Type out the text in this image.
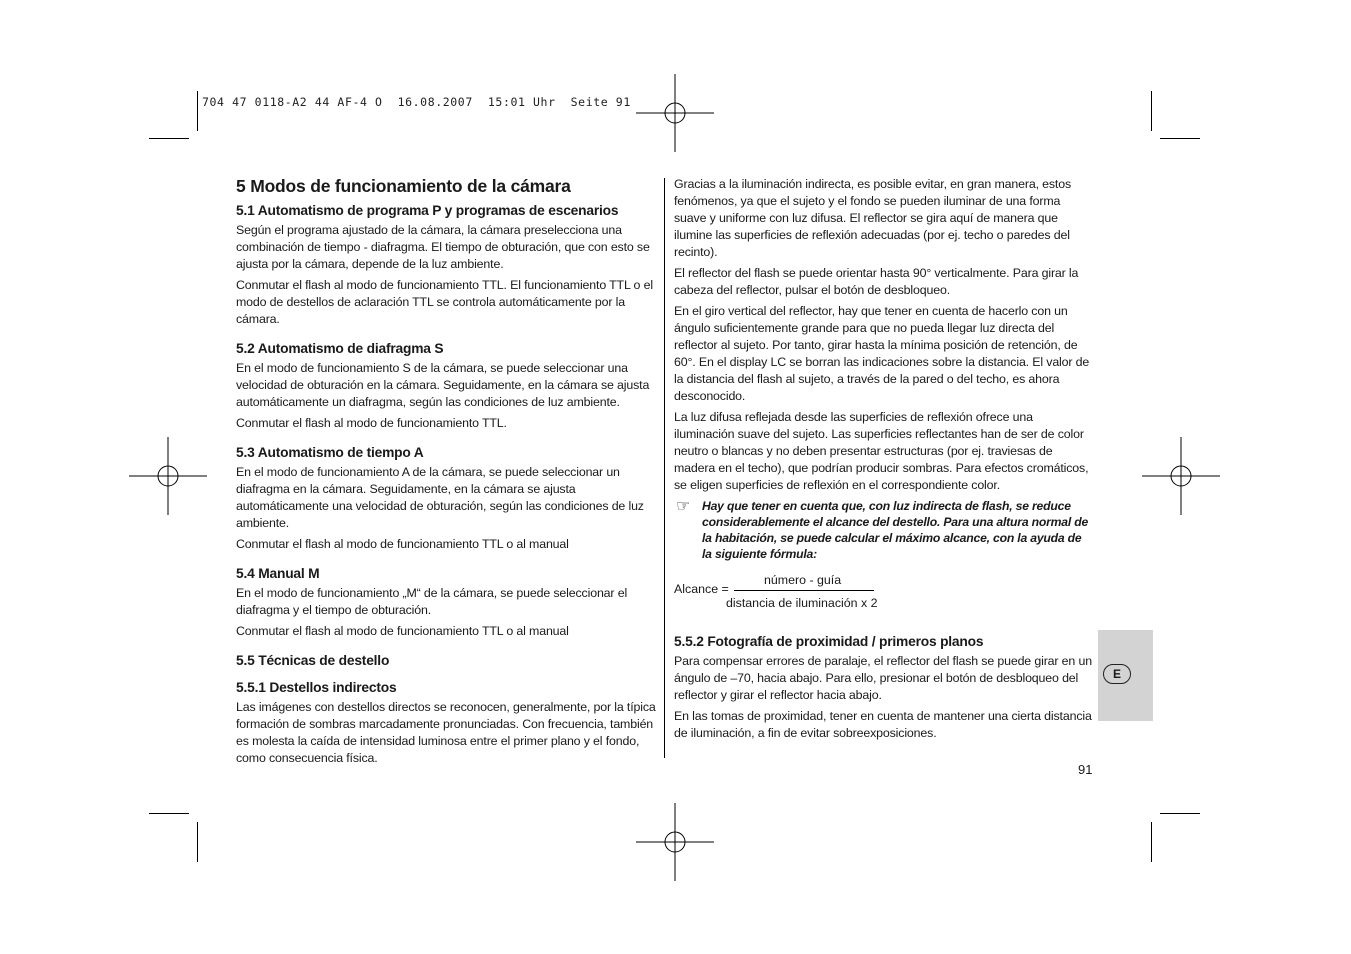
704 47 0118-A2 44 AF-4 O  16.08.2007  15:01 Uhr  Seite 91
5 Modos de funcionamiento de la cámara
5.1 Automatismo de programa P y programas de escenarios
Según el programa ajustado de la cámara, la cámara preselecciona una combinación de tiempo - diafragma. El tiempo de obturación, que con esto se ajusta por la cámara, depende de la luz ambiente.
Conmutar el flash al modo de funcionamiento TTL. El funcionamiento TTL o el modo de destellos de aclaración TTL se controla automáticamente por la cámara.
5.2 Automatismo de diafragma S
En el modo de funcionamiento S de la cámara, se puede seleccionar una velocidad de obturación en la cámara. Seguidamente, en la cámara se ajusta automáticamente un diafragma, según las condiciones de luz ambiente.
Conmutar el flash al modo de funcionamiento TTL.
5.3 Automatismo de tiempo A
En el modo de funcionamiento A de la cámara, se puede seleccionar un diafragma en la cámara. Seguidamente, en la cámara se ajusta automáticamente una velocidad de obturación, según las condiciones de luz ambiente.
Conmutar el flash al modo de funcionamiento TTL o al manual
5.4 Manual M
En el modo de funcionamiento „M“ de la cámara, se puede seleccionar el diafragma y el tiempo de obturación.
Conmutar el flash al modo de funcionamiento TTL o al manual
5.5 Técnicas de destello
5.5.1 Destellos indirectos
Las imágenes con destellos directos se reconocen, generalmente, por la típica formación de sombras marcadamente pronunciadas. Con frecuencia, también es molesta la caída de intensidad luminosa entre el primer plano y el fondo, como consecuencia física.
Gracias a la iluminación indirecta, es posible evitar, en gran manera, estos fenómenos, ya que el sujeto y el fondo se pueden iluminar de una forma suave y uniforme con luz difusa. El reflector se gira aquí de manera que ilumine las superficies de reflexión adecuadas (por ej. techo o paredes del recinto).
El reflector del flash se puede orientar hasta 90° verticalmente. Para girar la cabeza del reflector, pulsar el botón de desbloqueo.
En el giro vertical del reflector, hay que tener en cuenta de hacerlo con un ángulo suficientemente grande para que no pueda llegar luz directa del reflector al sujeto. Por tanto, girar hasta la mínima posición de retención, de 60°. En el display LC se borran las indicaciones sobre la distancia. El valor de la distancia del flash al sujeto, a través de la pared o del techo, es ahora desconocido.
La luz difusa reflejada desde las superficies de reflexión ofrece una iluminación suave del sujeto. Las superficies reflectantes han de ser de color neutro o blancas y no deben presentar estructuras (por ej. traviesas de madera en el techo), que podrían producir sombras. Para efectos cromáticos, se eligen superficies de reflexión en el correspondiente color.
☞ Hay que tener en cuenta que, con luz indirecta de flash, se reduce considerablemente el alcance del destello. Para una altura normal de la habitación, se puede calcular el máximo alcance, con la ayuda de la siguiente fórmula:
Alcance =
número - guía
distancia de iluminación x 2
5.5.2 Fotografía de proximidad / primeros planos
Para compensar errores de paralaje, el reflector del flash se puede girar en un ángulo de –70, hacia abajo. Para ello, presionar el botón de desbloqueo del reflector y girar el reflector hacia abajo.
En las tomas de proximidad, tener en cuenta de mantener una cierta distancia de iluminación, a fin de evitar sobreexposiciones.
E
91
